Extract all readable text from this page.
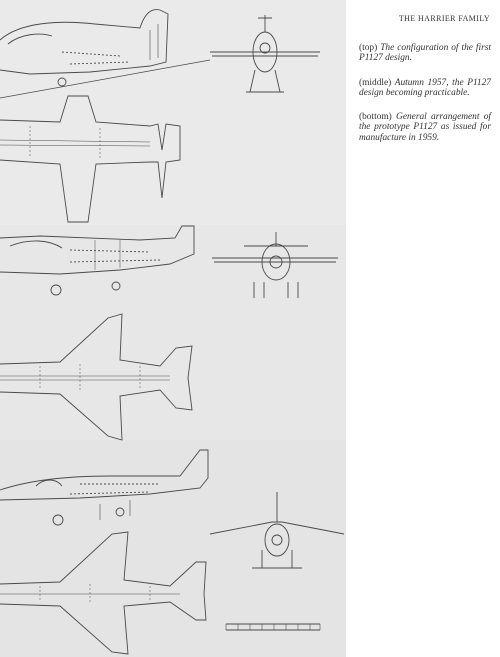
THE HARRIER FAMILY

(top) The configuration of the first P1127 design.

(middle) Autumn 1957, the P1127 design becoming practicable.

(bottom) General arrangement of the prototype P1127 as issued for manufacture in 1959.
